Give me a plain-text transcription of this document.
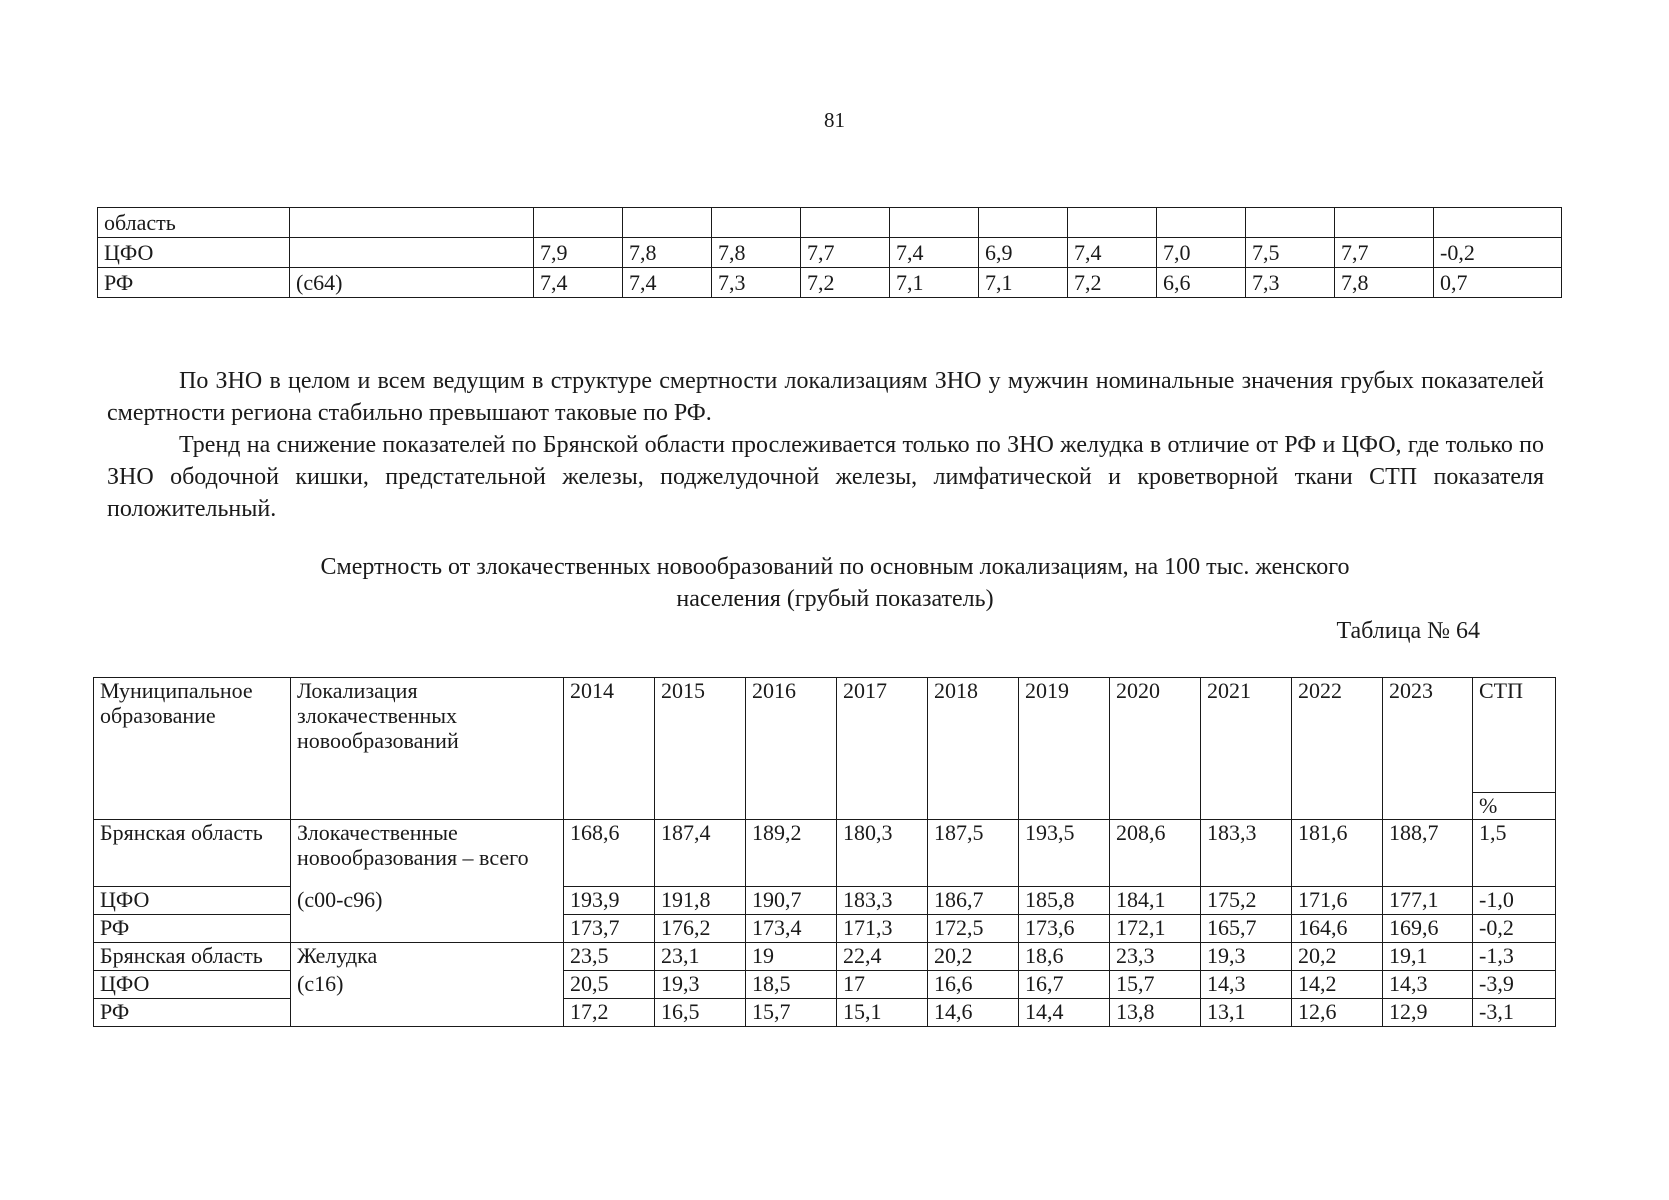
81
область												
ЦФО		7,9	7,8	7,8	7,7	7,4	6,9	7,4	7,0	7,5	7,7	-0,2
РФ	(с64)	7,4	7,4	7,3	7,2	7,1	7,1	7,2	6,6	7,3	7,8	0,7

По ЗНО в целом и всем ведущим в структуре смертности локализациям ЗНО у мужчин номинальные значения грубых показателей смертности региона стабильно превышают таковые по РФ.

Тренд на снижение показателей по Брянской области прослеживается только по ЗНО желудка в отличие от РФ и ЦФО, где только по ЗНО ободочной кишки, предстательной железы, поджелудочной железы, лимфатической и кроветворной ткани СТП показателя положительный.

Смертность от злокачественных новообразований по основным локализациям, на 100 тыс. женского
населения (грубый показатель)
Таблица № 64
Муниципальное образование	Локализация злокачественных новообразований	2014	2015	2016	2017	2018	2019	2020	2021	2022	2023	СТП
												%
Брянская область	Злокачественные новообразования – всего	168,6	187,4	189,2	180,3	187,5	193,5	208,6	183,3	181,6	188,7	1,5
ЦФО	(с00-с96)	193,9	191,8	190,7	183,3	186,7	185,8	184,1	175,2	171,6	177,1	-1,0
РФ		173,7	176,2	173,4	171,3	172,5	173,6	172,1	165,7	164,6	169,6	-0,2
Брянская область	Желудка	23,5	23,1	19	22,4	20,2	18,6	23,3	19,3	20,2	19,1	-1,3
ЦФО	(с16)	20,5	19,3	18,5	17	16,6	16,7	15,7	14,3	14,2	14,3	-3,9
РФ		17,2	16,5	15,7	15,1	14,6	14,4	13,8	13,1	12,6	12,9	-3,1
